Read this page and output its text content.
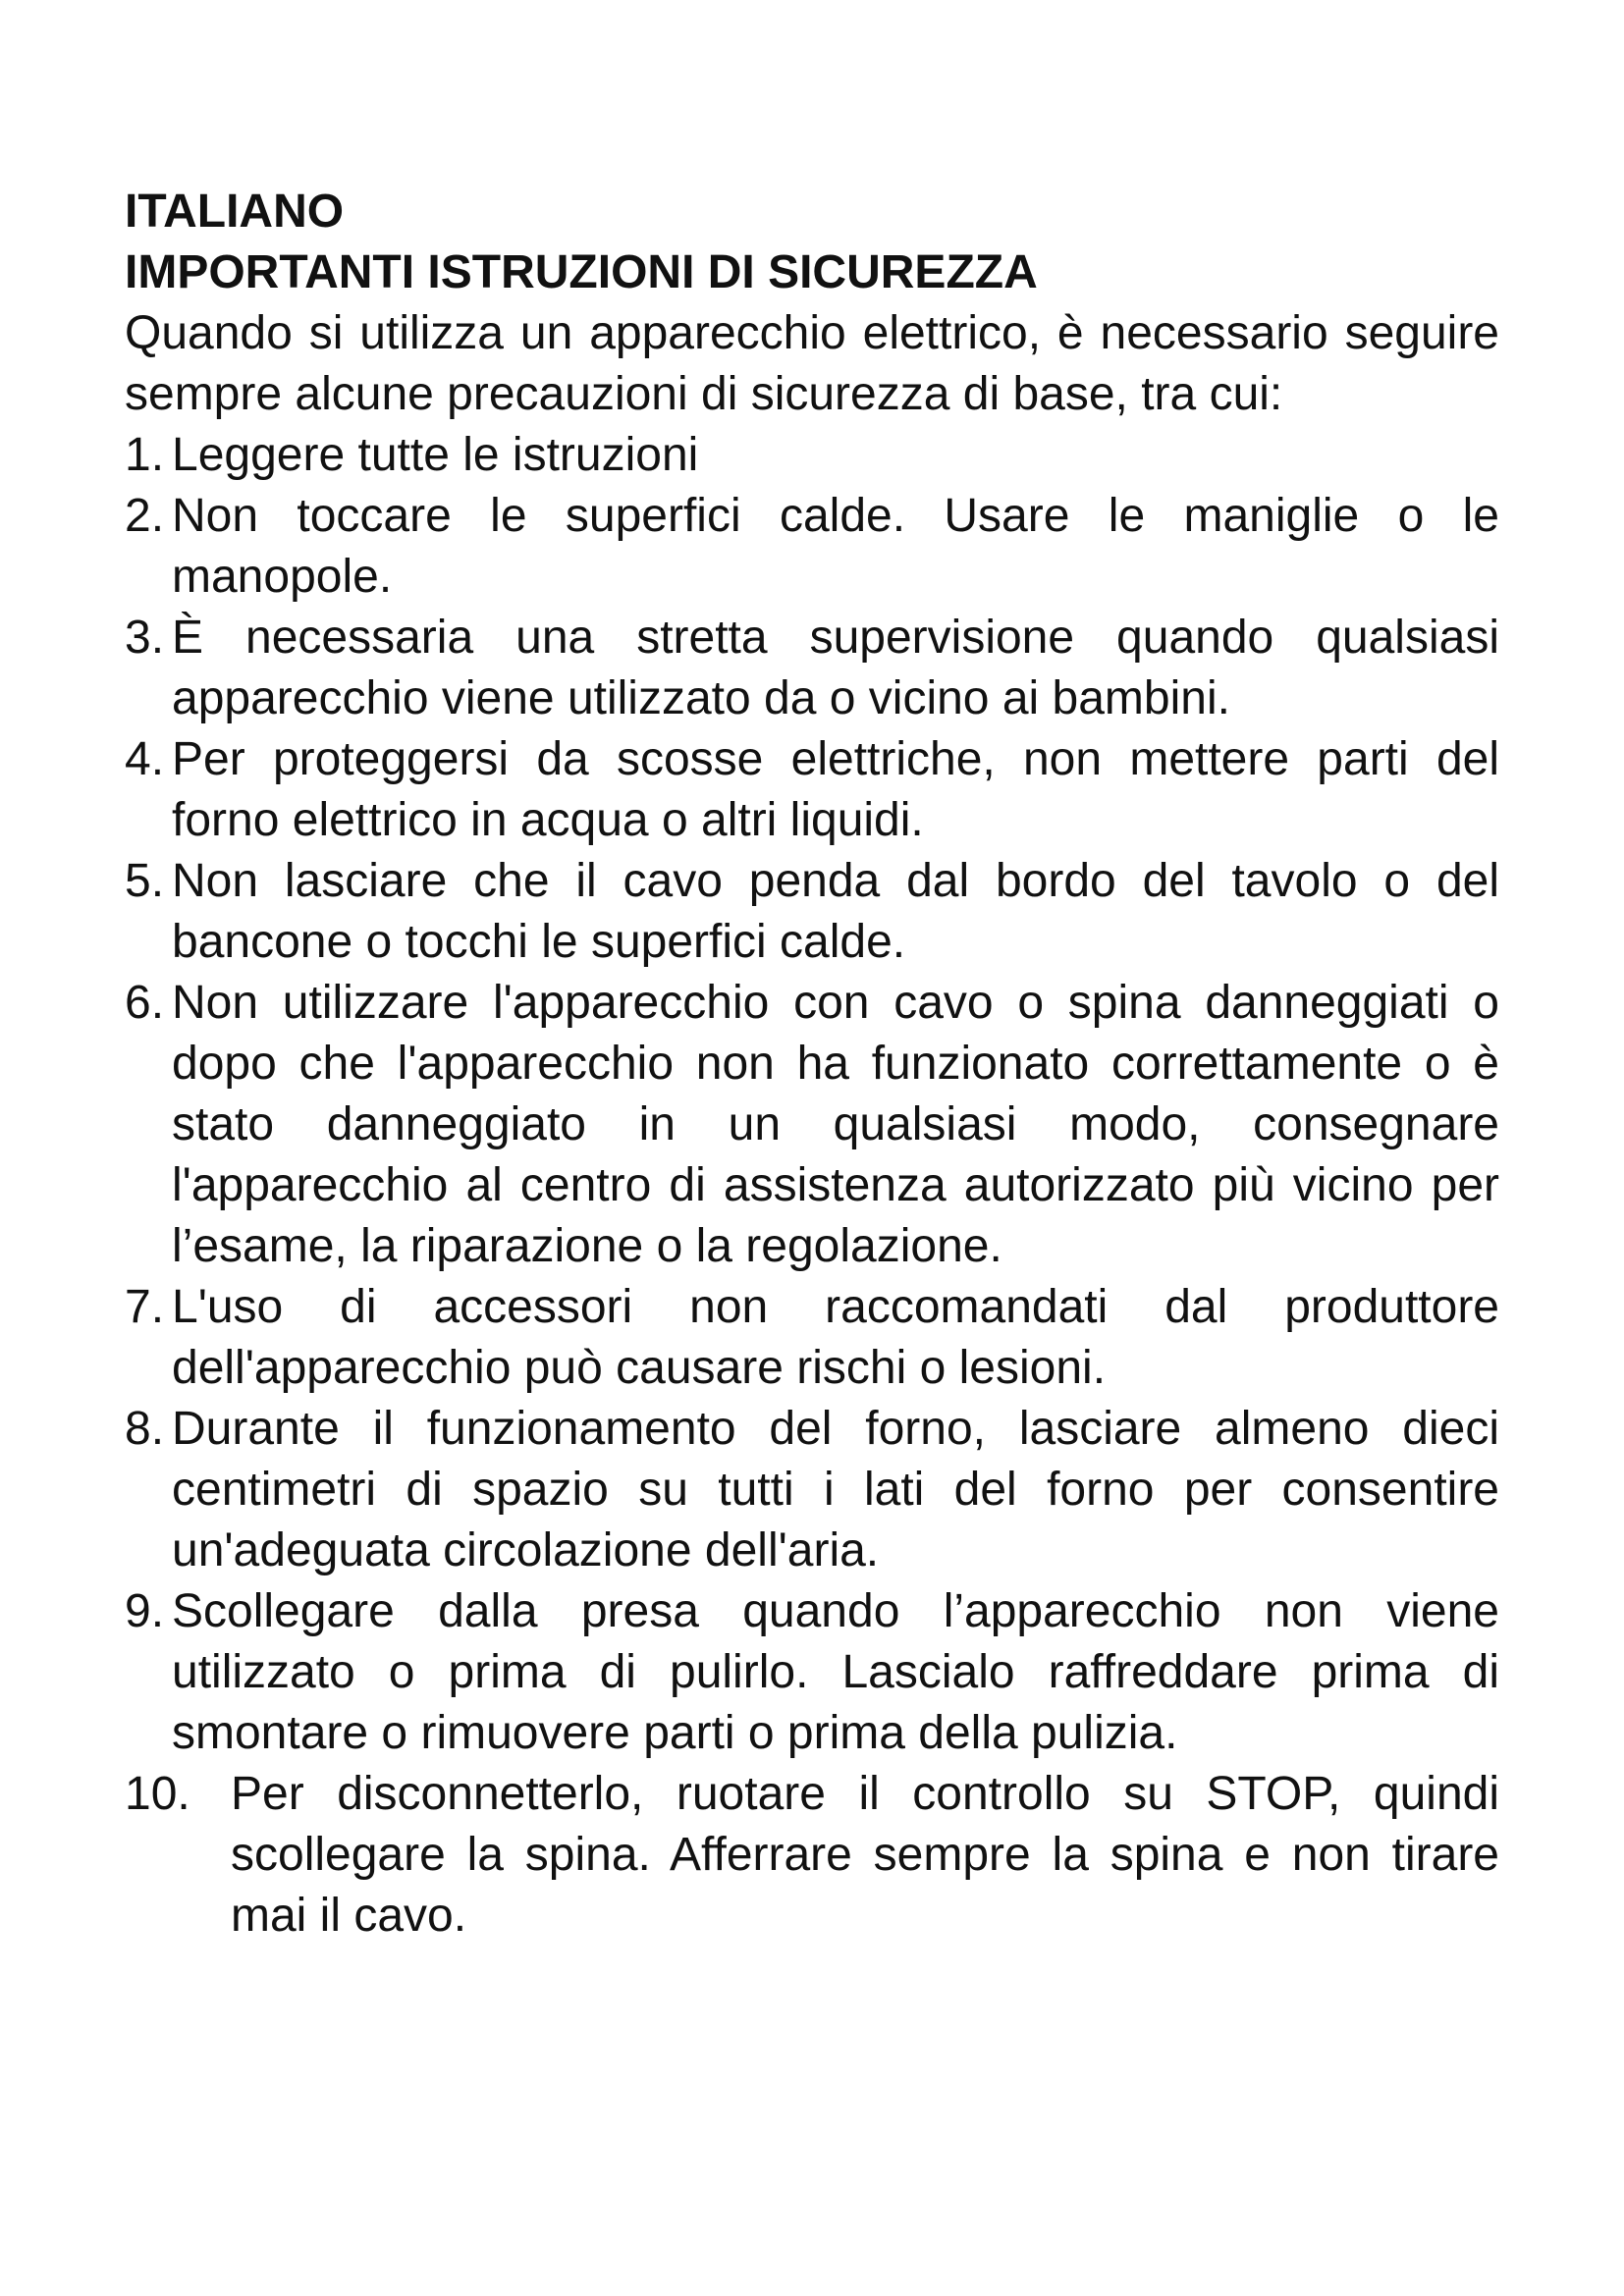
ITALIANO
IMPORTANTI ISTRUZIONI DI SICUREZZA

Quando si utilizza un apparecchio elettrico, è necessario seguire sempre alcune precauzioni di sicurezza di base, tra cui:

1.
Leggere tutte le istruzioni
2. Non toccare le superfici calde. Usare le maniglie o le manopole.
3. È necessaria una stretta supervisione quando qualsiasi apparecchio viene utilizzato da o vicino ai bambini.
4. Per proteggersi da scosse elettriche, non mettere parti del forno elettrico in acqua o altri liquidi.
5. Non lasciare che il cavo penda dal bordo del tavolo o del bancone o tocchi le superfici calde.
6. Non utilizzare l'apparecchio con cavo o spina danneggiati o dopo che l'apparecchio non ha funzionato correttamente o è stato danneggiato in un qualsiasi modo, consegnare l'apparecchio al centro di assistenza autorizzato più vicino per l’esame, la riparazione o la regolazione.
7. L'uso di accessori non raccomandati dal produttore dell'apparecchio può causare rischi o lesioni.
8.
Durante il funzionamento del forno, lasciare almeno dieci centimetri di spazio su tutti i lati del forno per consentire un'adeguata circolazione dell'aria.
9. Scollegare dalla presa quando l’apparecchio non viene utilizzato o prima di pulirlo. Lascialo raffreddare prima di smontare o rimuovere parti o prima della pulizia.
10. Per disconnetterlo, ruotare il controllo su STOP, quindi scollegare la spina. Afferrare sempre la spina e non tirare mai il cavo.
